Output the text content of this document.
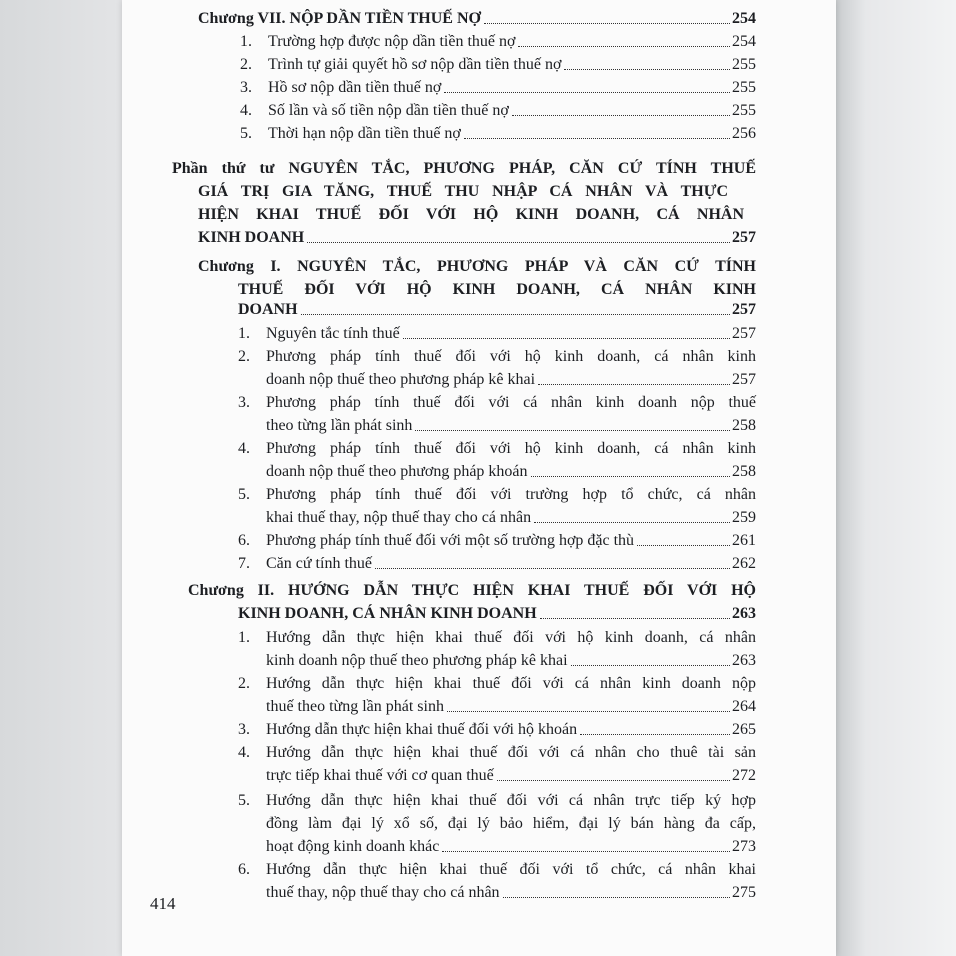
Chương VII. NỘP DẦN TIỀN THUẾ NỢ	254
1. Trường hợp được nộp dần tiền thuế nợ	254
2. Trình tự giải quyết hồ sơ nộp dần tiền thuế nợ	255
3. Hồ sơ nộp dần tiền thuế nợ	255
4. Số lần và số tiền nộp dần tiền thuế nợ	255
5. Thời hạn nộp dần tiền thuế nợ	256
Phần thứ tư NGUYÊN TẮC, PHƯƠNG PHÁP, CĂN CỨ TÍNH THUẾ
GIÁ TRỊ GIA TĂNG, THUẾ THU NHẬP CÁ NHÂN VÀ THỰC
HIỆN KHAI THUẾ ĐỐI VỚI HỘ KINH DOANH, CÁ NHÂN
KINH DOANH	257
Chương I. NGUYÊN TẮC, PHƯƠNG PHÁP VÀ CĂN CỨ TÍNH
THUẾ ĐỐI VỚI HỘ KINH DOANH, CÁ NHÂN KINH
DOANH	257
1. Nguyên tắc tính thuế	257
2. Phương pháp tính thuế đối với hộ kinh doanh, cá nhân kinh
doanh nộp thuế theo phương pháp kê khai	257
3. Phương pháp tính thuế đối với cá nhân kinh doanh nộp thuế
theo từng lần phát sinh	258
4. Phương pháp tính thuế đối với hộ kinh doanh, cá nhân kinh
doanh nộp thuế theo phương pháp khoán	258
5. Phương pháp tính thuế đối với trường hợp tổ chức, cá nhân
khai thuế thay, nộp thuế thay cho cá nhân	259
6. Phương pháp tính thuế đối với một số trường hợp đặc thù	261
7. Căn cứ tính thuế	262
Chương II. HƯỚNG DẪN THỰC HIỆN KHAI THUẾ ĐỐI VỚI HỘ
KINH DOANH, CÁ NHÂN KINH DOANH	263
1. Hướng dẫn thực hiện khai thuế đối với hộ kinh doanh, cá nhân
kinh doanh nộp thuế theo phương pháp kê khai	263
2. Hướng dẫn thực hiện khai thuế đối với cá nhân kinh doanh nộp
thuế theo từng lần phát sinh	264
3. Hướng dẫn thực hiện khai thuế đối với hộ khoán	265
4. Hướng dẫn thực hiện khai thuế đối với cá nhân cho thuê tài sản
trực tiếp khai thuế với cơ quan thuế	272
5. Hướng dẫn thực hiện khai thuế đối với cá nhân trực tiếp ký hợp
đồng làm đại lý xổ số, đại lý bảo hiểm, đại lý bán hàng đa cấp,
hoạt động kinh doanh khác	273
6. Hướng dẫn thực hiện khai thuế đối với tổ chức, cá nhân khai
thuế thay, nộp thuế thay cho cá nhân	275
414
